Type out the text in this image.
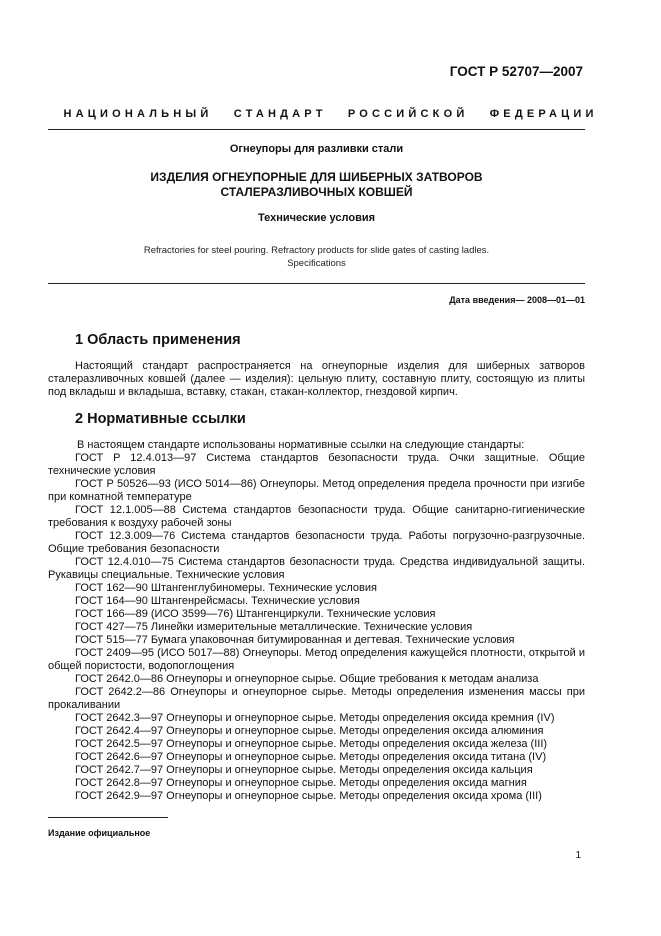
ГОСТ Р 52707—2007
НАЦИОНАЛЬНЫЙ СТАНДАРТ РОССИЙСКОЙ ФЕДЕРАЦИИ
Огнеупоры для разливки стали
ИЗДЕЛИЯ ОГНЕУПОРНЫЕ ДЛЯ ШИБЕРНЫХ ЗАТВОРОВ
СТАЛЕРАЗЛИВОЧНЫХ КОВШЕЙ
Технические условия
Refractories for steel pouring. Refractory products for slide gates of casting ladles.
Specifications
Дата введения— 2008—01—01
1 Область применения
Настоящий стандарт распространяется на огнеупорные изделия для шиберных затворов сталеразливочных ковшей (далее — изделия): цельную плиту, составную плиту, состоящую из плиты под вкладыш и вкладыша, вставку, стакан, стакан-коллектор, гнездовой кирпич.
2 Нормативные ссылки
В настоящем стандарте использованы нормативные ссылки на следующие стандарты:
ГОСТ Р 12.4.013—97 Система стандартов безопасности труда. Очки защитные. Общие технические условия
ГОСТ Р 50526—93 (ИСО 5014—86) Огнеупоры. Метод определения предела прочности при изгибе при комнатной температуре
ГОСТ 12.1.005—88 Система стандартов безопасности труда. Общие санитарно-гигиенические требования к воздуху рабочей зоны
ГОСТ 12.3.009—76 Система стандартов безопасности труда. Работы погрузочно-разгрузочные. Общие требования безопасности
ГОСТ 12.4.010—75 Система стандартов безопасности труда. Средства индивидуальной защиты. Рукавицы специальные. Технические условия
ГОСТ 162—90 Штангенглубиномеры. Технические условия
ГОСТ 164—90 Штангенрейсмасы. Технические условия
ГОСТ 166—89 (ИСО 3599—76) Штангенциркули. Технические условия
ГОСТ 427—75 Линейки измерительные металлические. Технические условия
ГОСТ 515—77 Бумага упаковочная битумированная и дегтевая. Технические условия
ГОСТ 2409—95 (ИСО 5017—88) Огнеупоры. Метод определения кажущейся плотности, открытой и общей пористости, водопоглощения
ГОСТ 2642.0—86 Огнеупоры и огнеупорное сырье. Общие требования к методам анализа
ГОСТ 2642.2—86 Огнеупоры и огнеупорное сырье. Методы определения изменения массы при прокаливании
ГОСТ 2642.3—97 Огнеупоры и огнеупорное сырье. Методы определения оксида кремния (IV)
ГОСТ 2642.4—97 Огнеупоры и огнеупорное сырье. Методы определения оксида алюминия
ГОСТ 2642.5—97 Огнеупоры и огнеупорное сырье. Методы определения оксида железа (III)
ГОСТ 2642.6—97 Огнеупоры и огнеупорное сырье. Методы определения оксида титана (IV)
ГОСТ 2642.7—97 Огнеупоры и огнеупорное сырье. Методы определения оксида кальция
ГОСТ 2642.8—97 Огнеупоры и огнеупорное сырье. Методы определения оксида магния
ГОСТ 2642.9—97 Огнеупоры и огнеупорное сырье. Методы определения оксида хрома (III)
Издание официальное
1
